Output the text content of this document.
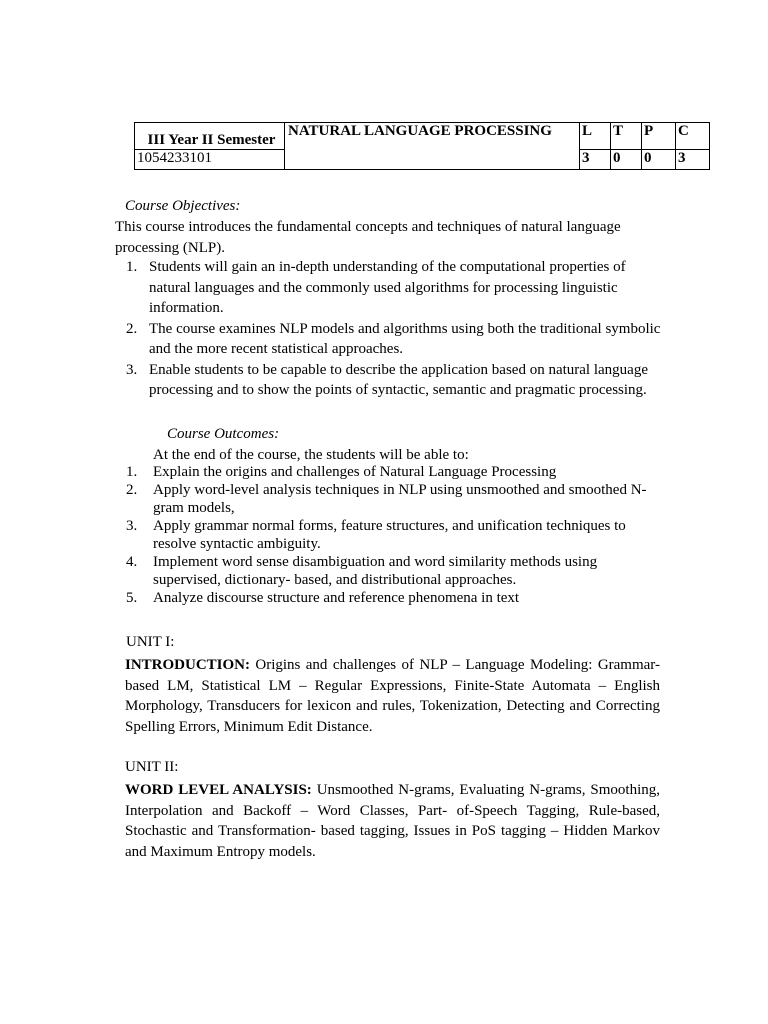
III Year II Semester	NATURAL LANGUAGE PROCESSING	L	T	P	C
1054233101		3	0	0	3
Course Objectives:
This course introduces the fundamental concepts and techniques of natural language processing (NLP).
1. Students will gain an in-depth understanding of the computational properties of natural languages and the commonly used algorithms for processing linguistic information.
2. The course examines NLP models and algorithms using both the traditional symbolic and the more recent statistical approaches.
3. Enable students to be capable to describe the application based on natural language processing and to show the points of syntactic, semantic and pragmatic processing.
Course Outcomes:
At the end of the course, the students will be able to:
1. Explain the origins and challenges of Natural Language Processing
2. Apply word-level analysis techniques in NLP using unsmoothed and smoothed N-gram models,
3. Apply grammar normal forms, feature structures, and unification techniques to resolve syntactic ambiguity.
4. Implement word sense disambiguation and word similarity methods using supervised, dictionary- based, and distributional approaches.
5. Analyze discourse structure and reference phenomena in text
UNIT I:
INTRODUCTION: Origins and challenges of NLP – Language Modeling: Grammar-based LM, Statistical LM – Regular Expressions, Finite-State Automata – English Morphology, Transducers for lexicon and rules, Tokenization, Detecting and Correcting Spelling Errors, Minimum Edit Distance.
UNIT II:
WORD LEVEL ANALYSIS: Unsmoothed N-grams, Evaluating N-grams, Smoothing, Interpolation and Backoff – Word Classes, Part- of-Speech Tagging, Rule-based, Stochastic and Transformation- based tagging, Issues in PoS tagging – Hidden Markov and Maximum Entropy models.
